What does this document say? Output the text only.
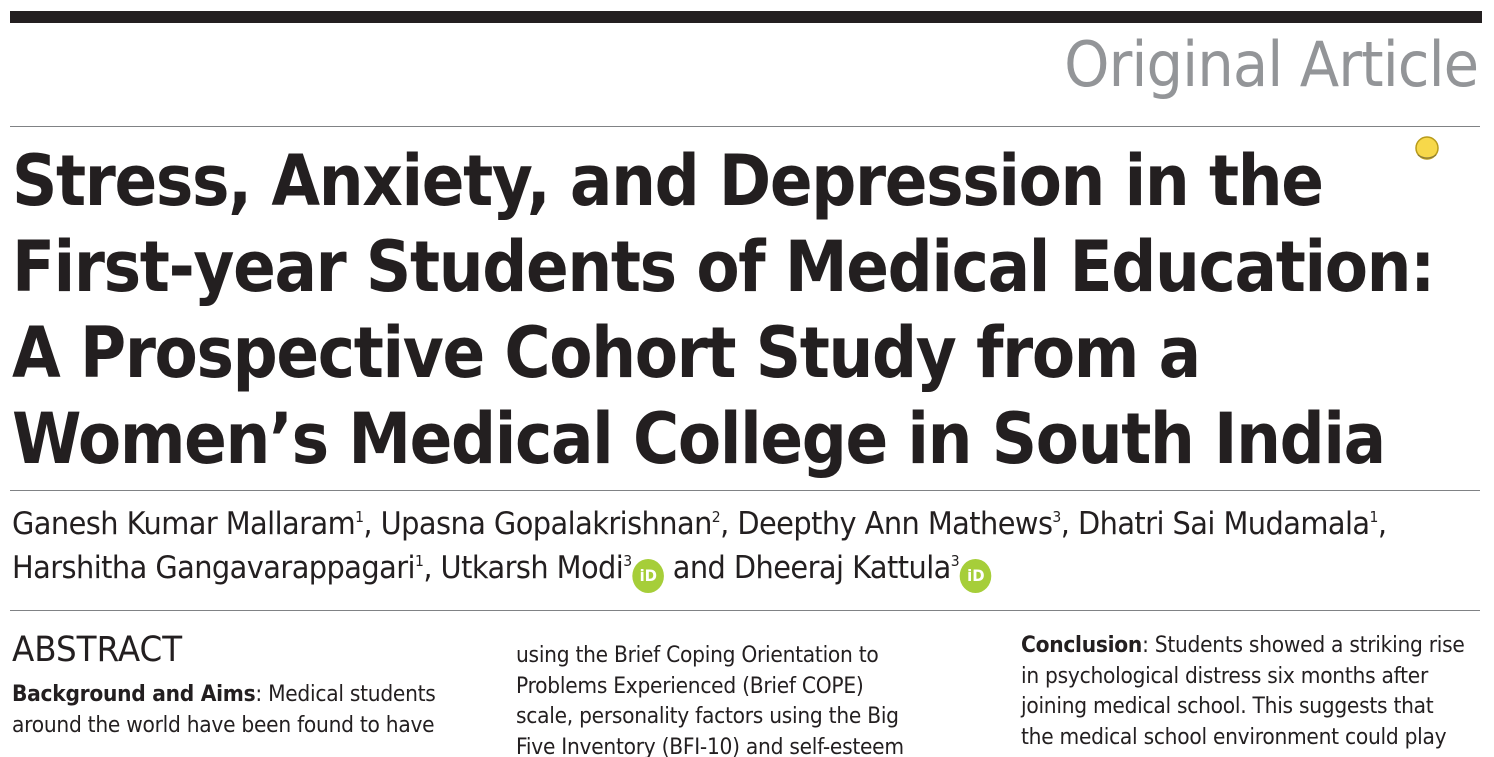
Original Article
Stress, Anxiety, and Depression in the
First-year Students of Medical Education:
A Prospective Cohort Study from a
Women’s Medical College in South India
Ganesh Kumar Mallaram$^1$, Upasna Gopalakrishnan$^2$, Deepthy Ann Mathews$^3$, Dhatri Sai Mudamala$^1$,
Harshitha Gangavarappagari$^1$, Utkarsh Modi$^3$iD and Dheeraj Kattula$^3$iD
ABSTRACT
Background and Aims: Medical students
around the world have been found to have
using the Brief Coping Orientation to
Problems Experienced (Brief COPE)
scale, personality factors using the Big
Five Inventory (BFI-10) and self-esteem
Conclusion: Students showed a striking rise
in psychological distress six months after
joining medical school. This suggests that
the medical school environment could play
